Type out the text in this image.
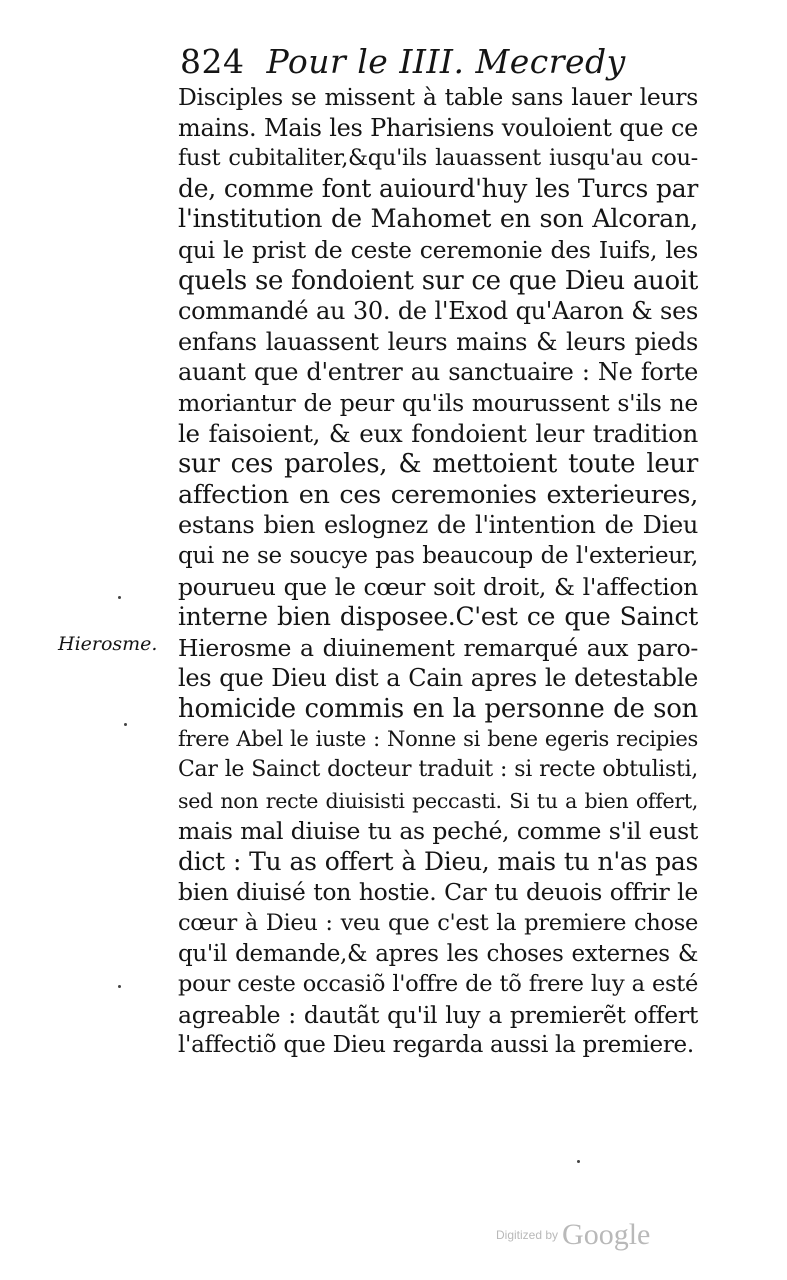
824 Pour le IIII. Mecredy
Disciples se missent à table sans lauer leurs
mains. Mais les Pharisiens vouloient que ce
fust cubitaliter,&qu'ils lauassent iusqu'au cou-
de, comme font auiourd'huy les Turcs par
l'institution de Mahomet en son Alcoran,
qui le prist de ceste ceremonie des Iuifs, les
quels se fondoient sur ce que Dieu auoit
commandé au 30. de l'Exod qu'Aaron & ses
enfans lauassent leurs mains & leurs pieds
auant que d'entrer au sanctuaire : Ne forte
moriantur de peur qu'ils mourussent s'ils ne
le faisoient, & eux fondoient leur tradition
sur ces paroles, & mettoient toute leur
affection en ces ceremonies exterieures,
estans bien eslognez de l'intention de Dieu
qui ne se soucye pas beaucoup de l'exterieur,
pourueu que le cœur soit droit, & l'affection
interne bien disposee.C'est ce que Sainct
Hierosme a diuinement remarqué aux paro-
les que Dieu dist a Cain apres le detestable
homicide commis en la personne de son
frere Abel le iuste : Nonne si bene egeris recipies
Car le Sainct docteur traduit : si recte obtulisti,
sed non recte diuisisti peccasti. Si tu a bien offert,
mais mal diuise tu as peché, comme s'il eust
dict : Tu as offert à Dieu, mais tu n'as pas
bien diuisé ton hostie. Car tu deuois offrir le
cœur à Dieu : veu que c'est la premiere chose
qu'il demande,& apres les choses externes &
pour ceste occasiõ l'offre de tõ frere luy a esté
agreable : dautãt qu'il luy a premierẽt offert
l'affectiõ que Dieu regarda aussi la premiere.
Hierosme.
Digitized by Google
